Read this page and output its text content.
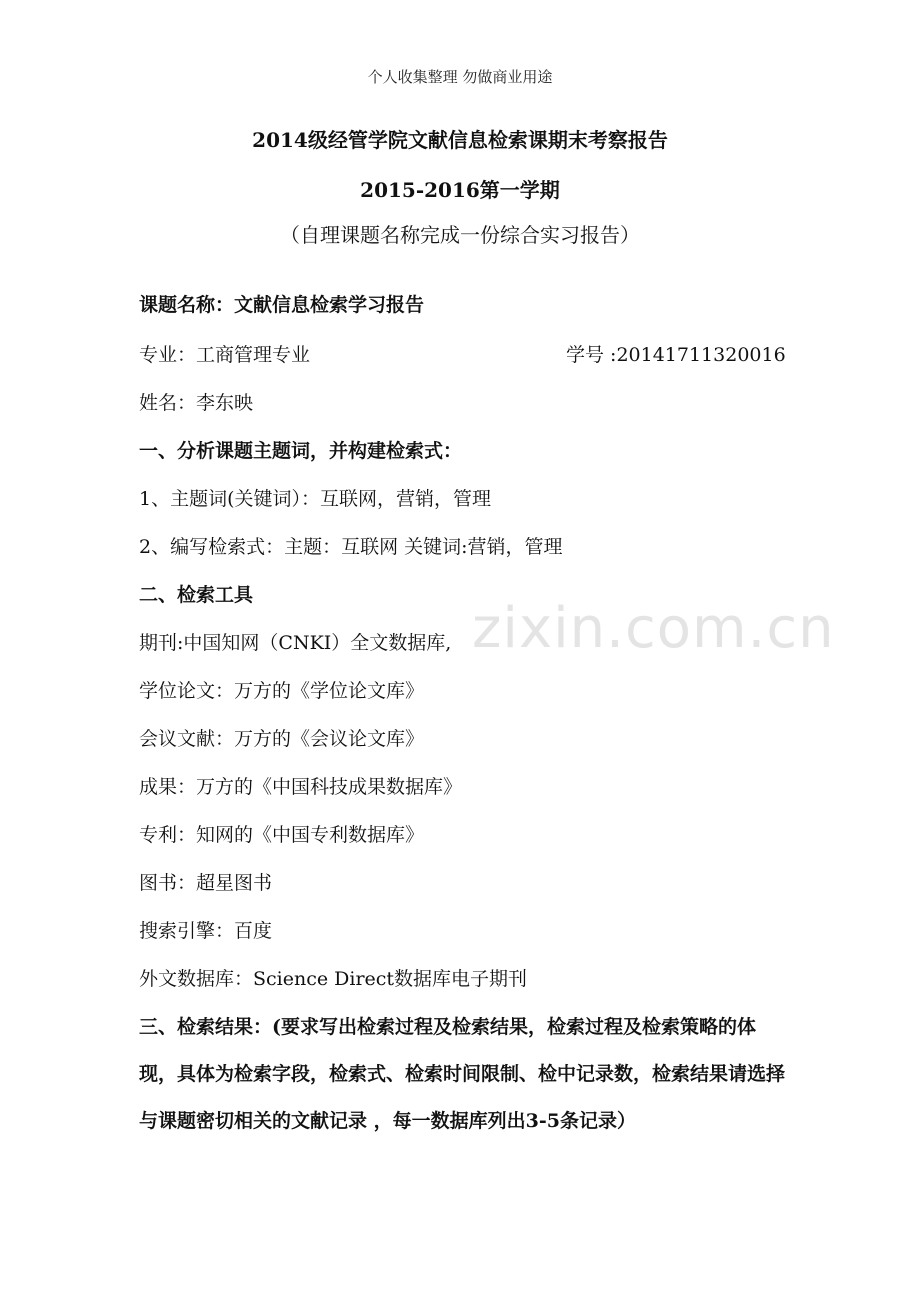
个人收集整理 勿做商业用途
2014级经管学院文献信息检索课期末考察报告
2015-2016第一学期
（自理课题名称完成一份综合实习报告）
课题名称：文献信息检索学习报告
专业：工商管理专业	学号 :20141711320016
姓名：李东映
一、分析课题主题词，并构建检索式：
1、主题词(关键词）：互联网，营销，管理
2、编写检索式：主题：互联网 关键词:营销，管理
二、检索工具
期刊:中国知网（CNKI）全文数据库,
学位论文：万方的《学位论文库》
会议文献：万方的《会议论文库》
成果：万方的《中国科技成果数据库》
专利：知网的《中国专利数据库》
图书：超星图书
搜索引擎：百度
外文数据库：Science Direct数据库电子期刊
三、检索结果：(要求写出检索过程及检索结果，检索过程及检索策略的体现，具体为检索字段，检索式、检索时间限制、检中记录数，检索结果请选择与课题密切相关的文献记录 ，每一数据库列出3-5条记录）
zixin.com.cn
